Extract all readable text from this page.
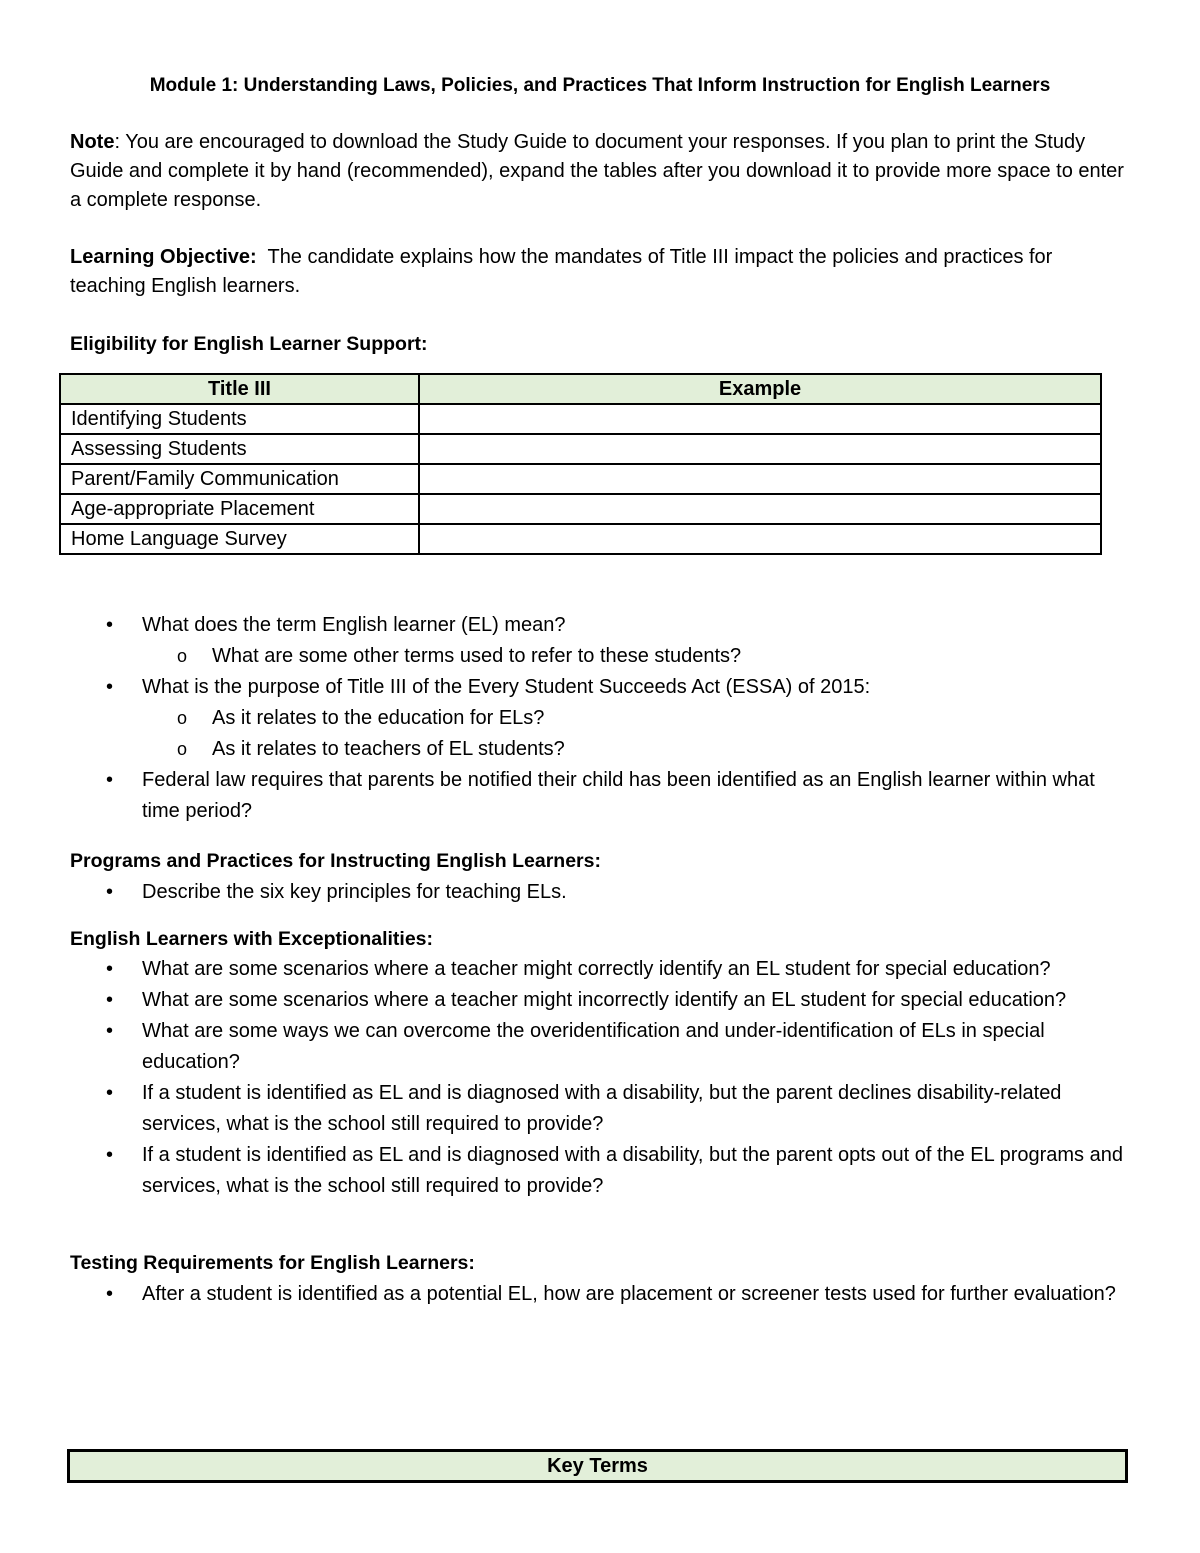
Module 1: Understanding Laws, Policies, and Practices That Inform Instruction for English Learners
Note: You are encouraged to download the Study Guide to document your responses. If you plan to print the Study Guide and complete it by hand (recommended), expand the tables after you download it to provide more space to enter a complete response.
Learning Objective:  The candidate explains how the mandates of Title III impact the policies and practices for teaching English learners.
Eligibility for English Learner Support:
Title III	Example
Identifying Students	
Assessing Students	
Parent/Family Communication	
Age-appropriate Placement	
Home Language Survey	
• What does the term English learner (EL) mean?
o What are some other terms used to refer to these students?
• What is the purpose of Title III of the Every Student Succeeds Act (ESSA) of 2015:
o As it relates to the education for ELs?
o As it relates to teachers of EL students?
• Federal law requires that parents be notified their child has been identified as an English learner within what time period?
Programs and Practices for Instructing English Learners:
• Describe the six key principles for teaching ELs.
English Learners with Exceptionalities:
• What are some scenarios where a teacher might correctly identify an EL student for special education?
• What are some scenarios where a teacher might incorrectly identify an EL student for special education?
• What are some ways we can overcome the overidentification and under-identification of ELs in special education?
• If a student is identified as EL and is diagnosed with a disability, but the parent declines disability-related services, what is the school still required to provide?
• If a student is identified as EL and is diagnosed with a disability, but the parent opts out of the EL programs and services, what is the school still required to provide?
Testing Requirements for English Learners:
• After a student is identified as a potential EL, how are placement or screener tests used for further evaluation?
Key Terms
